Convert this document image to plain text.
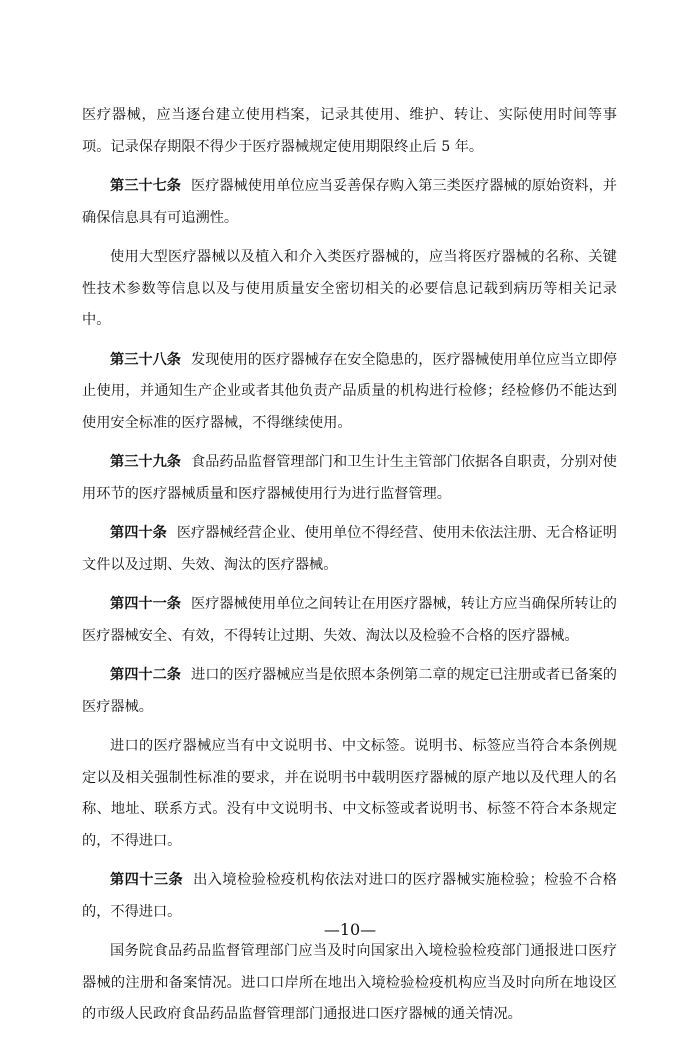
医疗器械，应当逐台建立使用档案，记录其使用、维护、转让、实际使用时间等事项。记录保存期限不得少于医疗器械规定使用期限终止后 5 年。

第三十七条 医疗器械使用单位应当妥善保存购入第三类医疗器械的原始资料，并确保信息具有可追溯性。

使用大型医疗器械以及植入和介入类医疗器械的，应当将医疗器械的名称、关键性技术参数等信息以及与使用质量安全密切相关的必要信息记载到病历等相关记录中。

第三十八条 发现使用的医疗器械存在安全隐患的，医疗器械使用单位应当立即停止使用，并通知生产企业或者其他负责产品质量的机构进行检修；经检修仍不能达到使用安全标准的医疗器械，不得继续使用。

第三十九条 食品药品监督管理部门和卫生计生主管部门依据各自职责，分别对使用环节的医疗器械质量和医疗器械使用行为进行监督管理。

第四十条 医疗器械经营企业、使用单位不得经营、使用未依法注册、无合格证明文件以及过期、失效、淘汰的医疗器械。

第四十一条 医疗器械使用单位之间转让在用医疗器械，转让方应当确保所转让的医疗器械安全、有效，不得转让过期、失效、淘汰以及检验不合格的医疗器械。

第四十二条 进口的医疗器械应当是依照本条例第二章的规定已注册或者已备案的医疗器械。

进口的医疗器械应当有中文说明书、中文标签。说明书、标签应当符合本条例规定以及相关强制性标准的要求，并在说明书中载明医疗器械的原产地以及代理人的名称、地址、联系方式。没有中文说明书、中文标签或者说明书、标签不符合本条规定的，不得进口。

第四十三条 出入境检验检疫机构依法对进口的医疗器械实施检验；检验不合格的，不得进口。

国务院食品药品监督管理部门应当及时向国家出入境检验检疫部门通报进口医疗器械的注册和备案情况。进口口岸所在地出入境检验检疫机构应当及时向所在地设区的市级人民政府食品药品监督管理部门通报进口医疗器械的通关情况。

—10—
